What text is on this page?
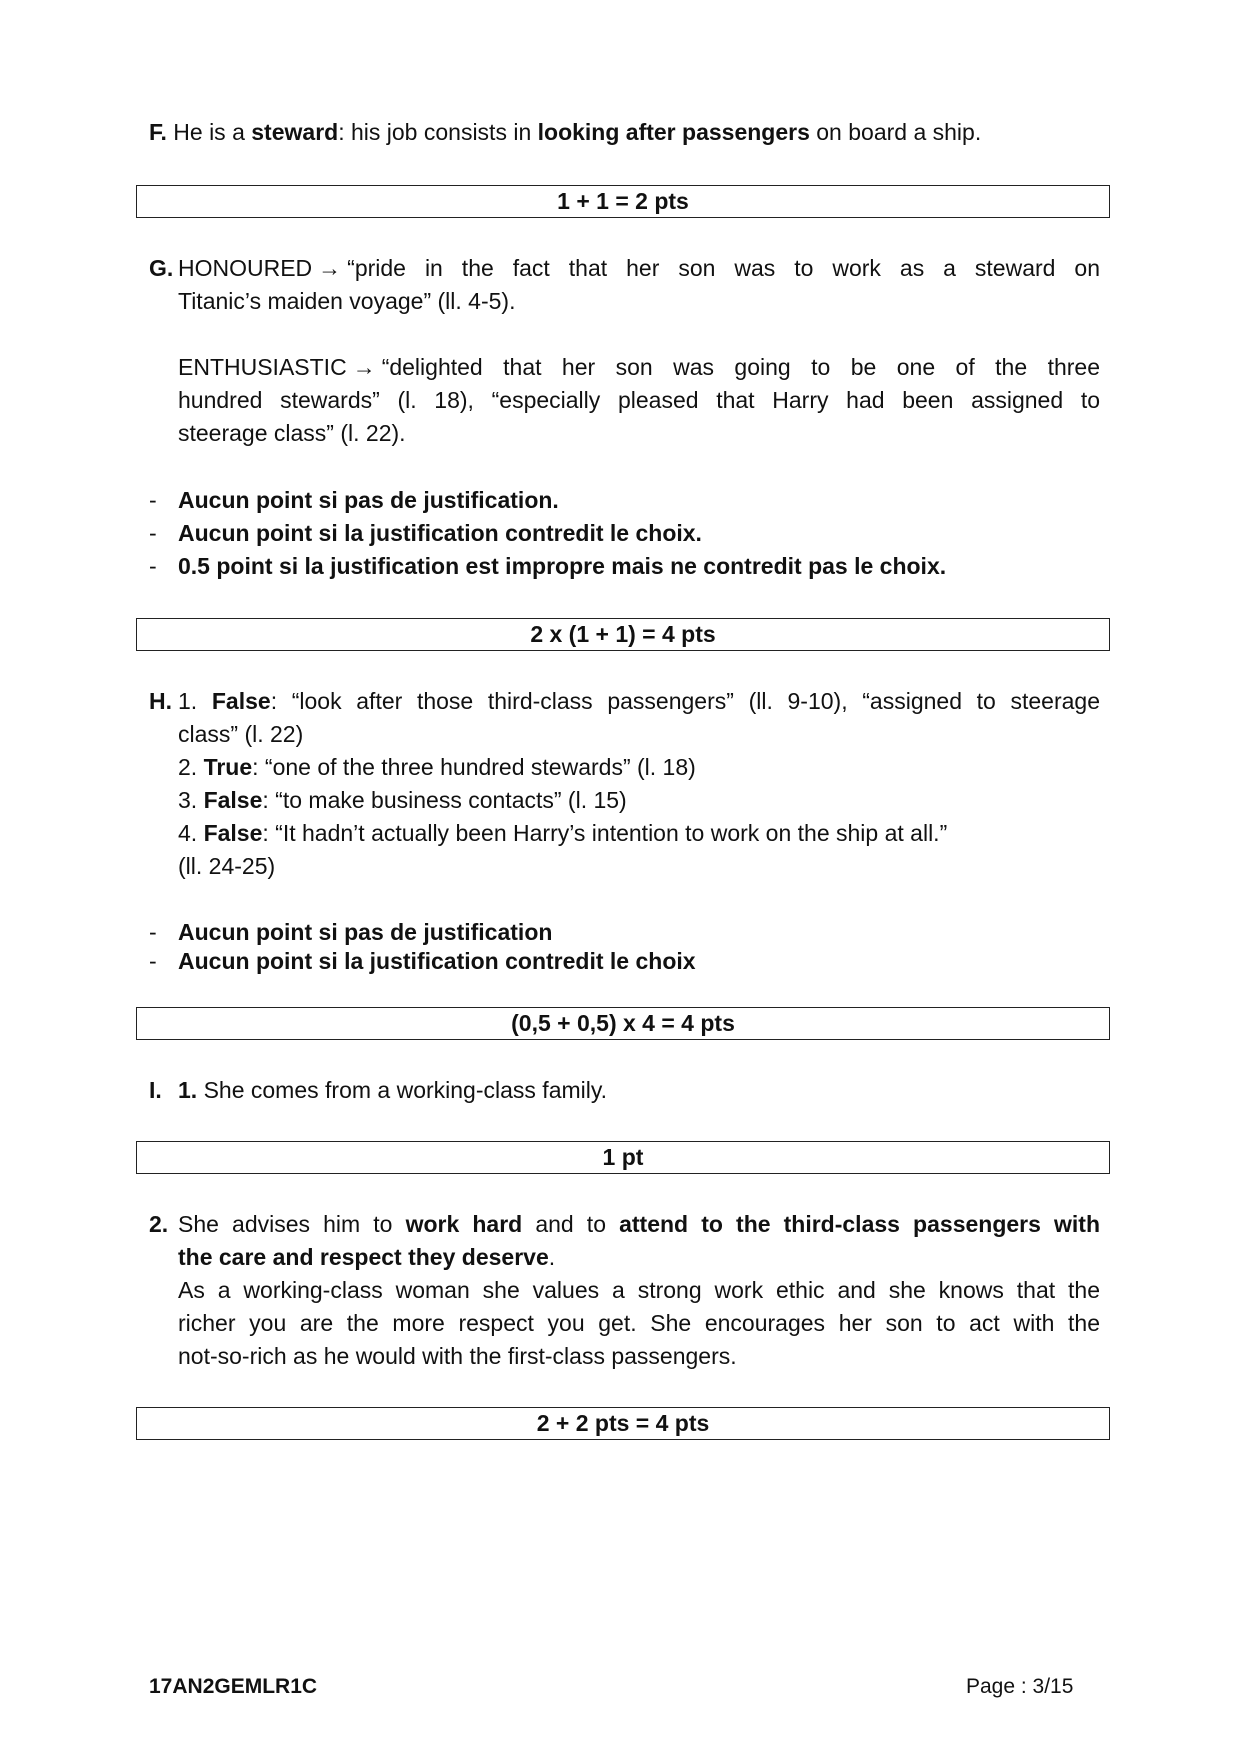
F. He is a steward: his job consists in looking after passengers on board a ship.
1 + 1 = 2 pts
G. HONOURED → “pride in the fact that her son was to work as a steward on
Titanic’s maiden voyage” (ll. 4-5).
ENTHUSIASTIC → “delighted that her son was going to be one of the three
hundred stewards” (l. 18), “especially pleased that Harry had been assigned to
steerage class” (l. 22).
- Aucun point si pas de justification.
- Aucun point si la justification contredit le choix.
- 0.5 point si la justification est impropre mais ne contredit pas le choix.
2 x (1 + 1) = 4 pts
H. 1. False: “look after those third-class passengers” (ll. 9-10), “assigned to steerage
class” (l. 22)
2. True: “one of the three hundred stewards” (l. 18)
3. False: “to make business contacts” (l. 15)
4. False: “It hadn’t actually been Harry’s intention to work on the ship at all.”
(ll. 24-25)
- Aucun point si pas de justification
- Aucun point si la justification contredit le choix
(0,5 + 0,5) x 4 = 4 pts
I. 1. She comes from a working-class family.
1 pt
2. She advises him to work hard and to attend to the third-class passengers with
the care and respect they deserve.
As a working-class woman she values a strong work ethic and she knows that the
richer you are the more respect you get. She encourages her son to act with the
not-so-rich as he would with the first-class passengers.
2 + 2 pts = 4 pts
17AN2GEMLR1C	Page : 3/15
